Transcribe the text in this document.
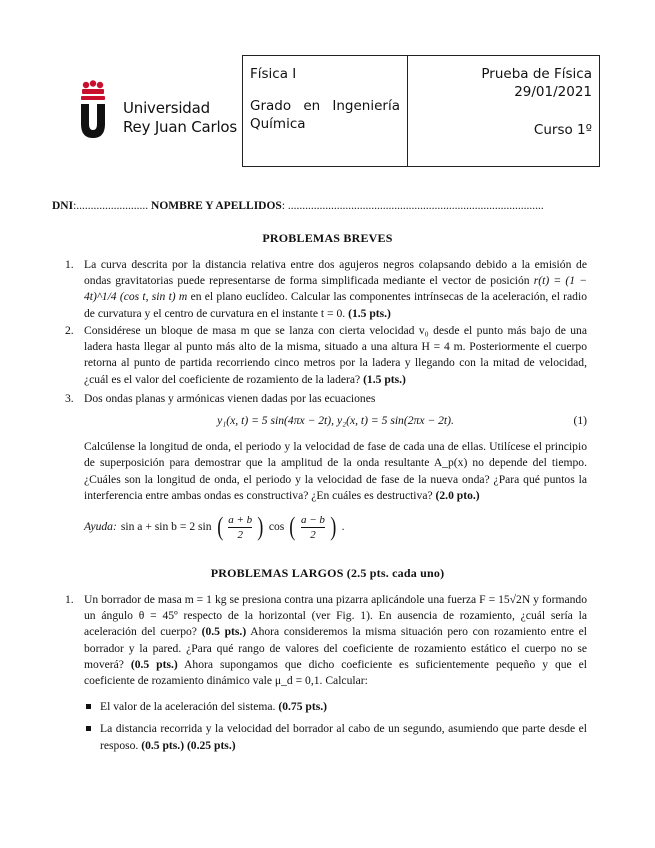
Universidad
Rey Juan Carlos
Física I
Grado en Ingeniería
Química
Prueba de Física
29/01/2021
Curso 1º
DNI:......................... NOMBRE Y APELLIDOS: .........................................................................................
PROBLEMAS BREVES
1. La curva descrita por la distancia relativa entre dos agujeros negros colapsando debido a la emisión de ondas gravitatorias puede representarse de forma simplificada mediante el vector de posición r(t) = (1 − 4t)^1/4 (cos t, sin t) m en el plano euclídeo. Calcular las componentes intrínsecas de la aceleración, el radio de curvatura y el centro de curvatura en el instante t = 0. (1.5 pts.)
2. Considérese un bloque de masa m que se lanza con cierta velocidad v₀ desde el punto más bajo de una ladera hasta llegar al punto más alto de la misma, situado a una altura H = 4 m. Posteriormente el cuerpo retorna al punto de partida recorriendo cinco metros por la ladera y llegando con la mitad de velocidad, ¿cuál es el valor del coeficiente de rozamiento de la ladera? (1.5 pts.)
3. Dos ondas planas y armónicas vienen dadas por las ecuaciones
y₁(x, t) = 5 sin(4πx − 2t), y₂(x, t) = 5 sin(2πx − 2t).	(1)
Calcúlense la longitud de onda, el periodo y la velocidad de fase de cada una de ellas. Utilícese el principio de superposición para demostrar que la amplitud de la onda resultante A_p(x) no depende del tiempo. ¿Cuáles son la longitud de onda, el periodo y la velocidad de fase de la nueva onda? ¿Para qué puntos la interferencia entre ambas ondas es constructiva? ¿En cuáles es destructiva? (2.0 pto.)
Ayuda: sin a + sin b = 2 sin ( $\frac{a + b}{2}$ ) cos ( $\frac{a - b}{2}$ ) .
PROBLEMAS LARGOS (2.5 pts. cada uno)
1. Un borrador de masa m = 1 kg se presiona contra una pizarra aplicándole una fuerza F = 15√2N y formando un ángulo θ = 45º respecto de la horizontal (ver Fig. 1). En ausencia de rozamiento, ¿cuál sería la aceleración del cuerpo? (0.5 pts.) Ahora consideremos la misma situación pero con rozamiento entre el borrador y la pared. ¿Para qué rango de valores del coeficiente de rozamiento estático el cuerpo no se moverá? (0.5 pts.) Ahora supongamos que dicho coeficiente es suficientemente pequeño y que el coeficiente de rozamiento dinámico vale μ_d = 0,1. Calcular:
El valor de la aceleración del sistema. (0.75 pts.)
La distancia recorrida y la velocidad del borrador al cabo de un segundo, asumiendo que parte desde el resposo. (0.5 pts.) (0.25 pts.)
